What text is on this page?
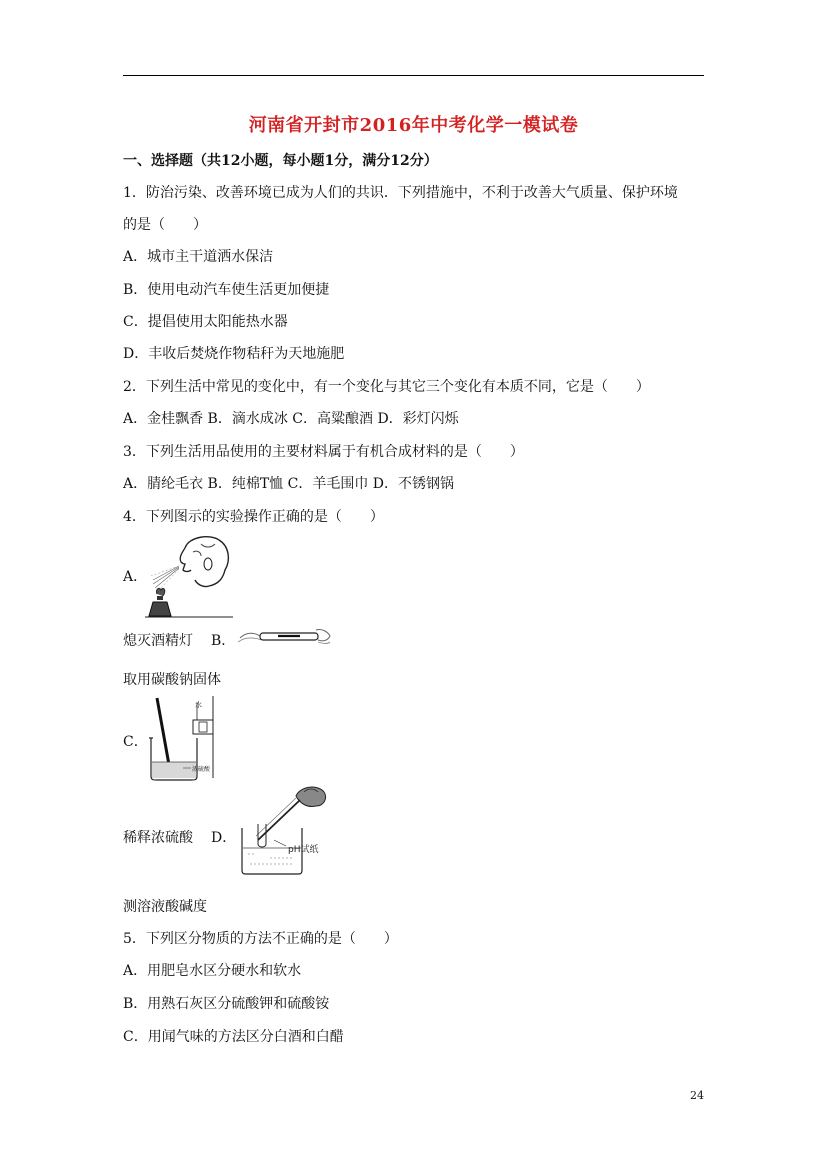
河南省开封市2016年中考化学一模试卷
一、选择题（共12小题，每小题1分，满分12分）
1．防治污染、改善环境已成为人们的共识．下列措施中，不利于改善大气质量、保护环境
的是（　　）
A．城市主干道洒水保洁
B．使用电动汽车使生活更加便捷
C．提倡使用太阳能热水器
D．丰收后焚烧作物秸秆为天地施肥
2．下列生活中常见的变化中，有一个变化与其它三个变化有本质不同，它是（　　）
A．金桂飘香 B．滴水成冰 C．高粱酿酒 D．彩灯闪烁
3．下列生活用品使用的主要材料属于有机合成材料的是（　　）
A．腈纶毛衣 B．纯棉T恤 C．羊毛围巾 D．不锈钢锅
4．下列图示的实验操作正确的是（　　）
A．
熄灭酒精灯 B．
取用碳酸钠固体
C．
水
浓硫酸
稀释浓硫酸 D．
pH试纸
测溶液酸碱度
5．下列区分物质的方法不正确的是（　　）
A．用肥皂水区分硬水和软水
B．用熟石灰区分硫酸钾和硫酸铵
C．用闻气味的方法区分白酒和白醋
24
